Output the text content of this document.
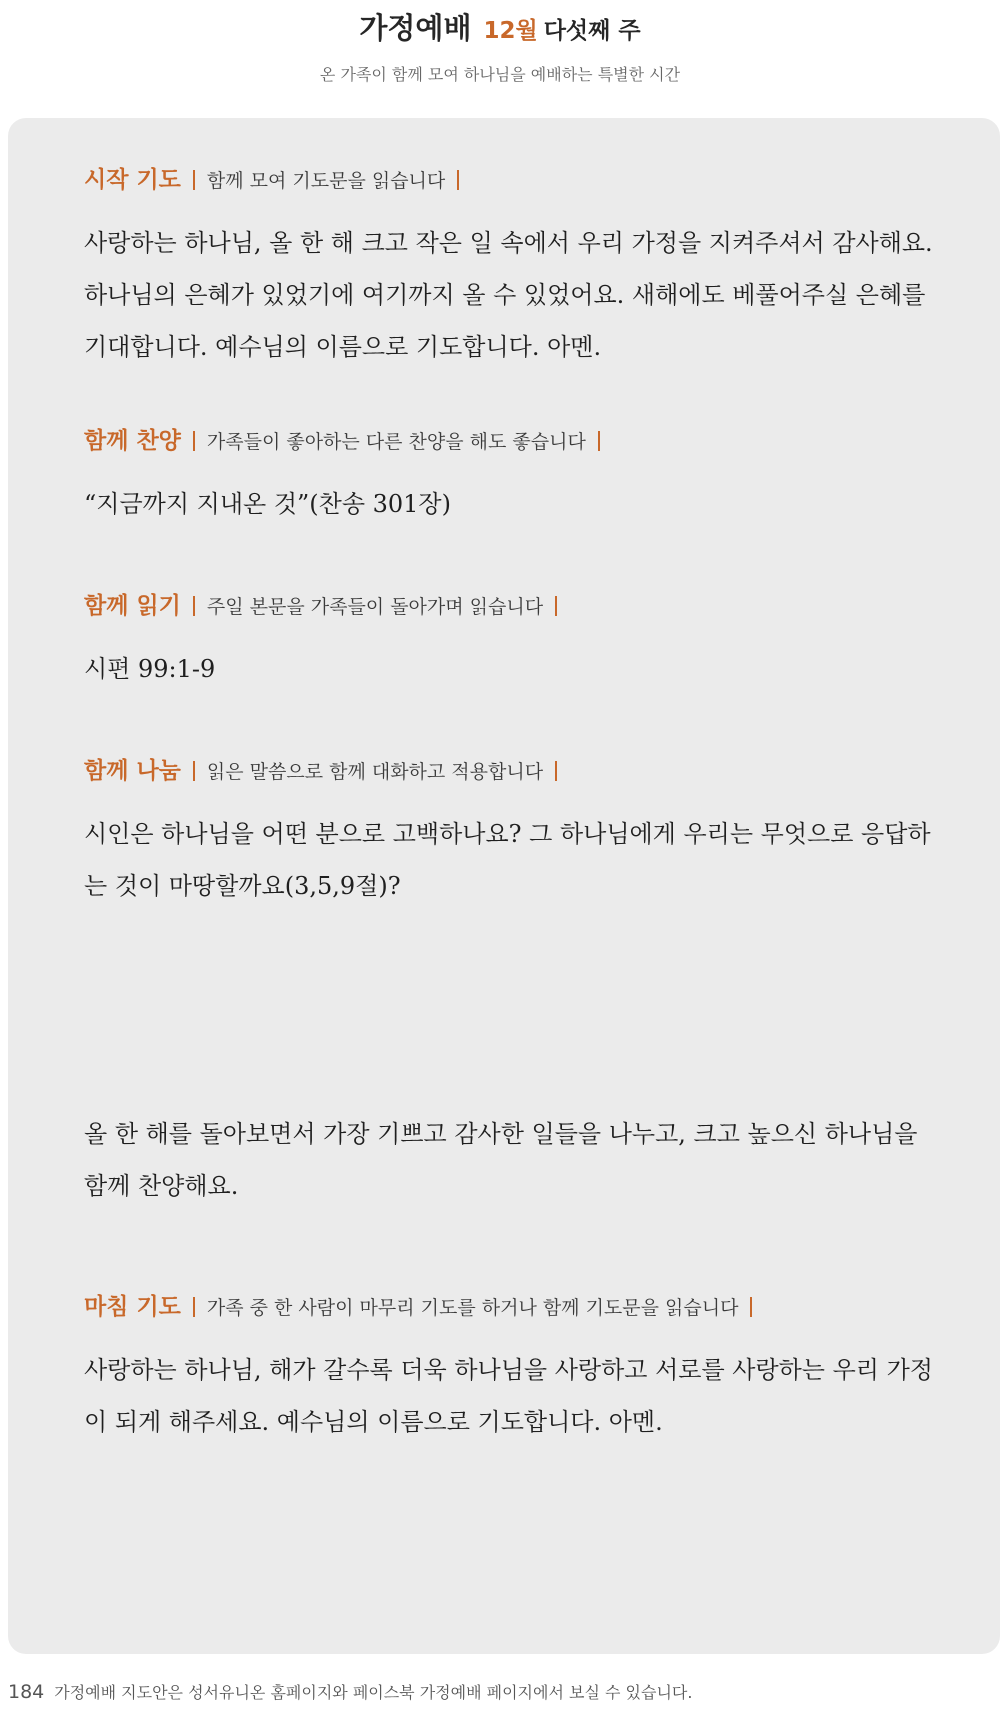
가정예배 12월 다섯째 주
온 가족이 함께 모여 하나님을 예배하는 특별한 시간
시작 기도 함께 모여 기도문을 읽습니다
사랑하는 하나님, 올 한 해 크고 작은 일 속에서 우리 가정을 지켜주셔서 감사해요. 하나님의 은혜가 있었기에 여기까지 올 수 있었어요. 새해에도 베풀어주실 은혜를 기대합니다. 예수님의 이름으로 기도합니다. 아멘.
함께 찬양 가족들이 좋아하는 다른 찬양을 해도 좋습니다
“지금까지 지내온 것”(찬송 301장)
함께 읽기 주일 본문을 가족들이 돌아가며 읽습니다
시편 99:1-9
함께 나눔 읽은 말씀으로 함께 대화하고 적용합니다
시인은 하나님을 어떤 분으로 고백하나요? 그 하나님에게 우리는 무엇으로 응답하는 것이 마땅할까요(3,5,9절)?
올 한 해를 돌아보면서 가장 기쁘고 감사한 일들을 나누고, 크고 높으신 하나님을 함께 찬양해요.
마침 기도 가족 중 한 사람이 마무리 기도를 하거나 함께 기도문을 읽습니다
사랑하는 하나님, 해가 갈수록 더욱 하나님을 사랑하고 서로를 사랑하는 우리 가정이 되게 해주세요. 예수님의 이름으로 기도합니다. 아멘.
184 가정예배 지도안은 성서유니온 홈페이지와 페이스북 가정예배 페이지에서 보실 수 있습니다.
